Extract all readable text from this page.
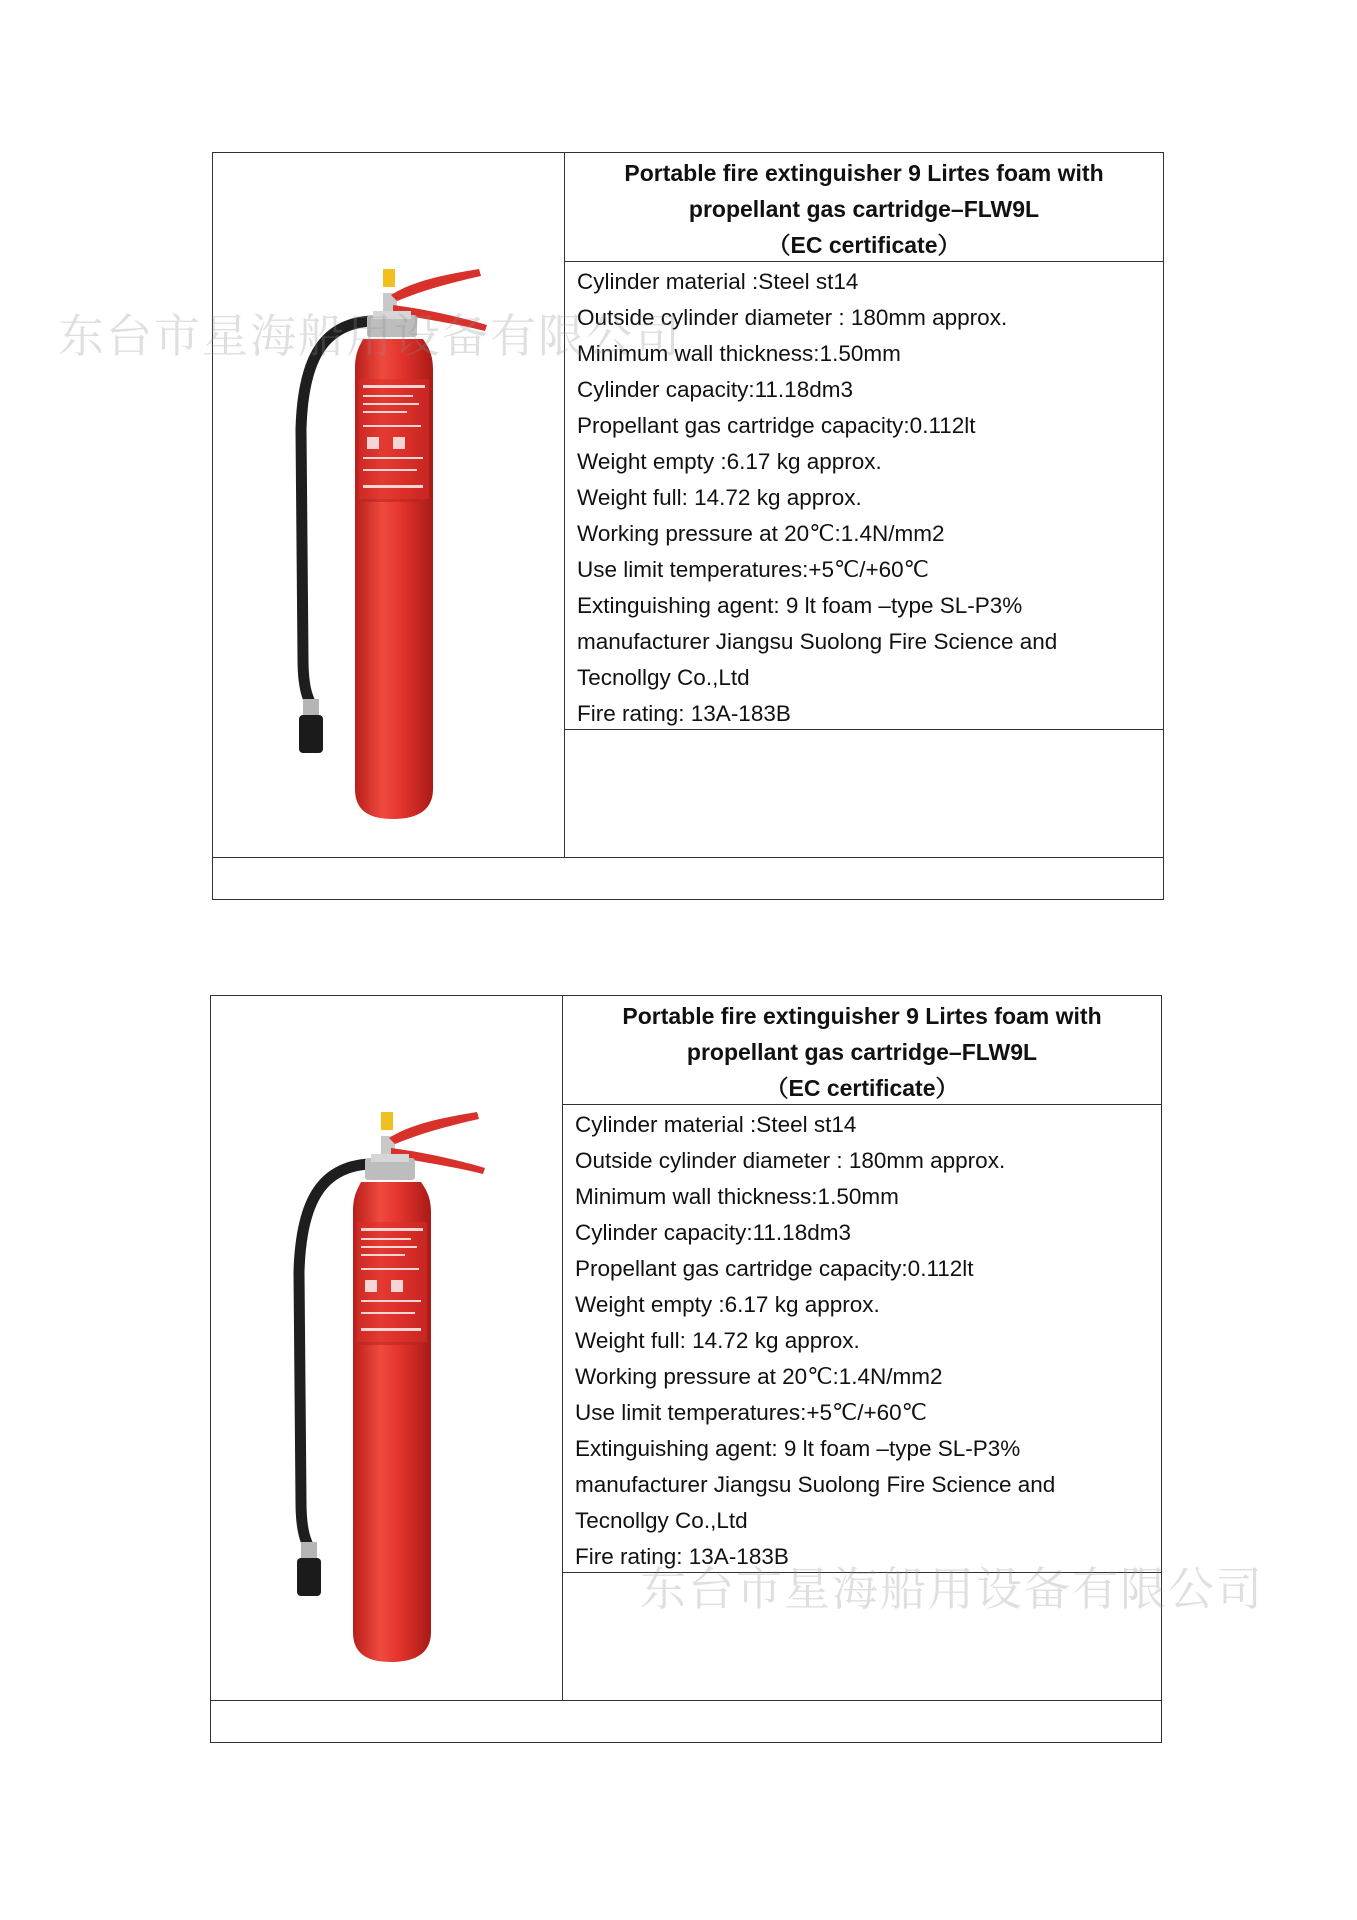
Portable fire extinguisher 9 Lirtes foam with
propellant gas cartridge–FLW9L
（EC certificate）
Cylinder material :Steel st14
Outside cylinder diameter : 180mm approx.
Minimum wall thickness:1.50mm
Cylinder capacity:11.18dm3
Propellant gas cartridge capacity:0.112lt
Weight empty :6.17 kg approx.
Weight full: 14.72 kg approx.
Working pressure at 20℃:1.4N/mm2
Use limit temperatures:+5℃/+60℃
Extinguishing agent: 9 lt foam –type SL-P3%
manufacturer Jiangsu Suolong Fire Science and
Tecnollgy Co.,Ltd
Fire rating: 13A-183B
Portable fire extinguisher 9 Lirtes foam with
propellant gas cartridge–FLW9L
（EC certificate）
Cylinder material :Steel st14
Outside cylinder diameter : 180mm approx.
Minimum wall thickness:1.50mm
Cylinder capacity:11.18dm3
Propellant gas cartridge capacity:0.112lt
Weight empty :6.17 kg approx.
Weight full: 14.72 kg approx.
Working pressure at 20℃:1.4N/mm2
Use limit temperatures:+5℃/+60℃
Extinguishing agent: 9 lt foam –type SL-P3%
manufacturer Jiangsu Suolong Fire Science and
Tecnollgy Co.,Ltd
Fire rating: 13A-183B
东台市星海船用设备有限公司
东台市星海船用设备有限公司
